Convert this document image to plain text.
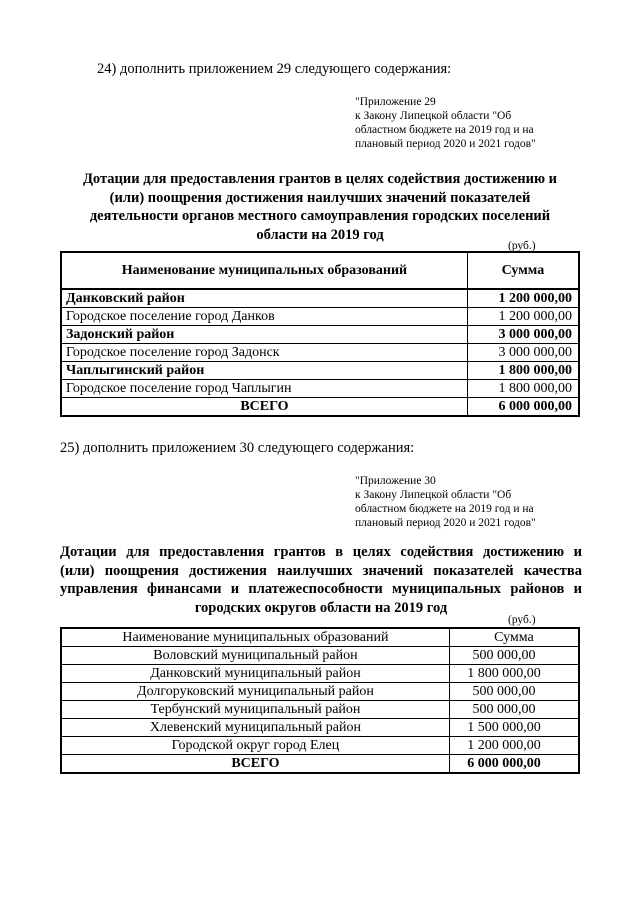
24) дополнить приложением 29 следующего содержания:
"Приложение 29
к Закону Липецкой области "Об
областном бюджете на 2019 год и на
плановый период 2020 и 2021 годов"
Дотации для предоставления грантов в целях содействия достижению и
(или) поощрения достижения наилучших значений показателей
деятельности органов местного самоуправления городских поселений
области на 2019 год
(руб.)
Наименование муниципальных образований	Сумма
Данковский район	1 200 000,00
Городское поселение город Данков	1 200 000,00
Задонский район	3 000 000,00
Городское поселение город Задонск	3 000 000,00
Чаплыгинский район	1 800 000,00
Городское поселение город Чаплыгин	1 800 000,00
ВСЕГО	6 000 000,00
25) дополнить приложением 30 следующего содержания:
"Приложение 30
к Закону Липецкой области "Об
областном бюджете на 2019 год и на
плановый период 2020 и 2021 годов"
Дотации для предоставления грантов в целях содействия достижению и
(или) поощрения достижения наилучших значений показателей качества
управления финансами и платежеспособности муниципальных районов и
городских округов области на 2019 год
(руб.)
Наименование муниципальных образований	Сумма
Воловский муниципальный район	500 000,00
Данковский муниципальный район	1 800 000,00
Долгоруковский муниципальный район	500 000,00
Тербунский муниципальный район	500 000,00
Хлевенский муниципальный район	1 500 000,00
Городской округ город Елец	1 200 000,00
ВСЕГО	6 000 000,00
